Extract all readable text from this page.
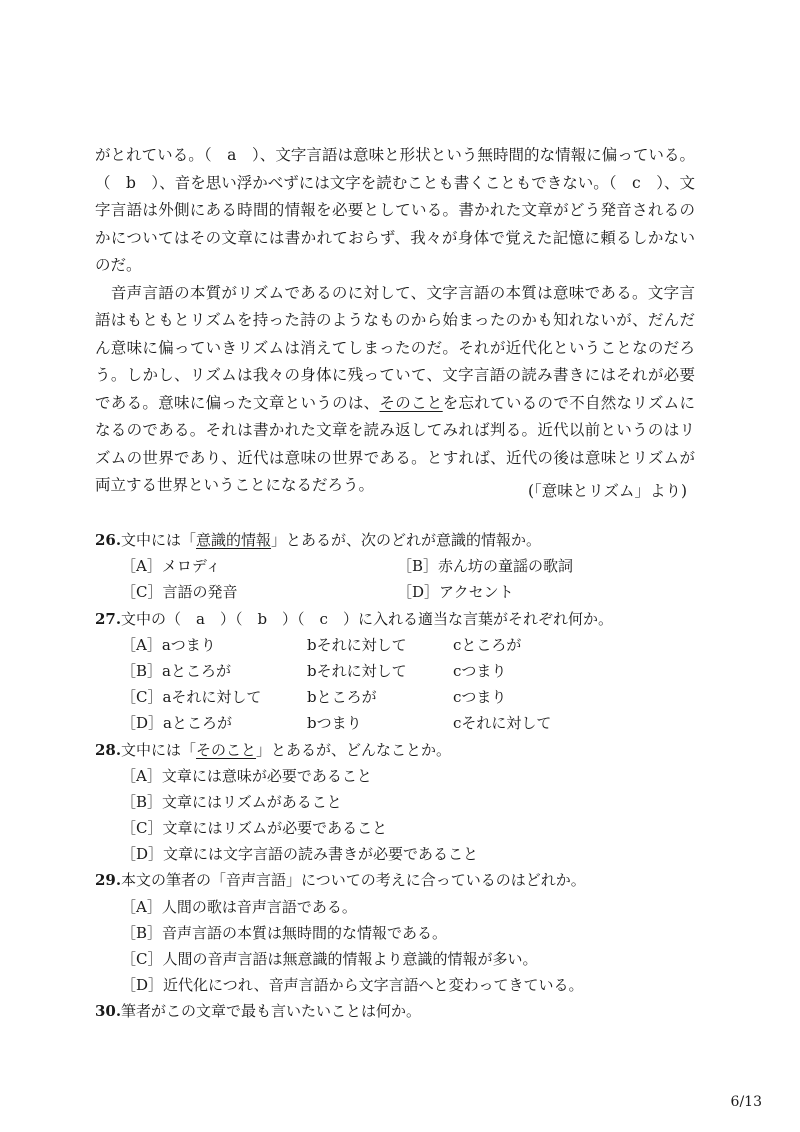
がとれている。（　a　）、文字言語は意味と形状という無時間的な情報に偏っている。
（　b　）、音を思い浮かべずには文字を読むことも書くこともできない。（　c　）、文
字言語は外側にある時間的情報を必要としている。書かれた文章がどう発音されるの
かについてはその文章には書かれておらず、我々が身体で覚えた記憶に頼るしかない
のだ。
　音声言語の本質がリズムであるのに対して、文字言語の本質は意味である。文字言
語はもともとリズムを持った詩のようなものから始まったのかも知れないが、だんだ
ん意味に偏っていきリズムは消えてしまったのだ。それが近代化ということなのだろ
う。しかし、リズムは我々の身体に残っていて、文字言語の読み書きにはそれが必要
である。意味に偏った文章というのは、そのことを忘れているので不自然なリズムに
なるのである。それは書かれた文章を読み返してみれば判る。近代以前というのはリ
ズムの世界であり、近代は意味の世界である。とすれば、近代の後は意味とリズムが
両立する世界ということになるだろう。	(「意味とリズム」より)
26.文中には「意識的情報」とあるが、次のどれが意識的情報か。
［A］メロディ	［B］赤ん坊の童謡の歌詞
［C］言語の発音	［D］アクセント
27.文中の（　a　）（　b　）（　c　）に入れる適当な言葉がそれぞれ何か。
［A］aつまり	bそれに対して	cところが
［B］aところが	bそれに対して	cつまり
［C］aそれに対して	bところが	cつまり
［D］aところが	bつまり	cそれに対して
28.文中には「そのこと」とあるが、どんなことか。
［A］文章には意味が必要であること
［B］文章にはリズムがあること
［C］文章にはリズムが必要であること
［D］文章には文字言語の読み書きが必要であること
29.本文の筆者の「音声言語」についての考えに合っているのはどれか。
［A］人間の歌は音声言語である。
［B］音声言語の本質は無時間的な情報である。
［C］人間の音声言語は無意識的情報より意識的情報が多い。
［D］近代化につれ、音声言語から文字言語へと変わってきている。
30.筆者がこの文章で最も言いたいことは何か。
6/13
